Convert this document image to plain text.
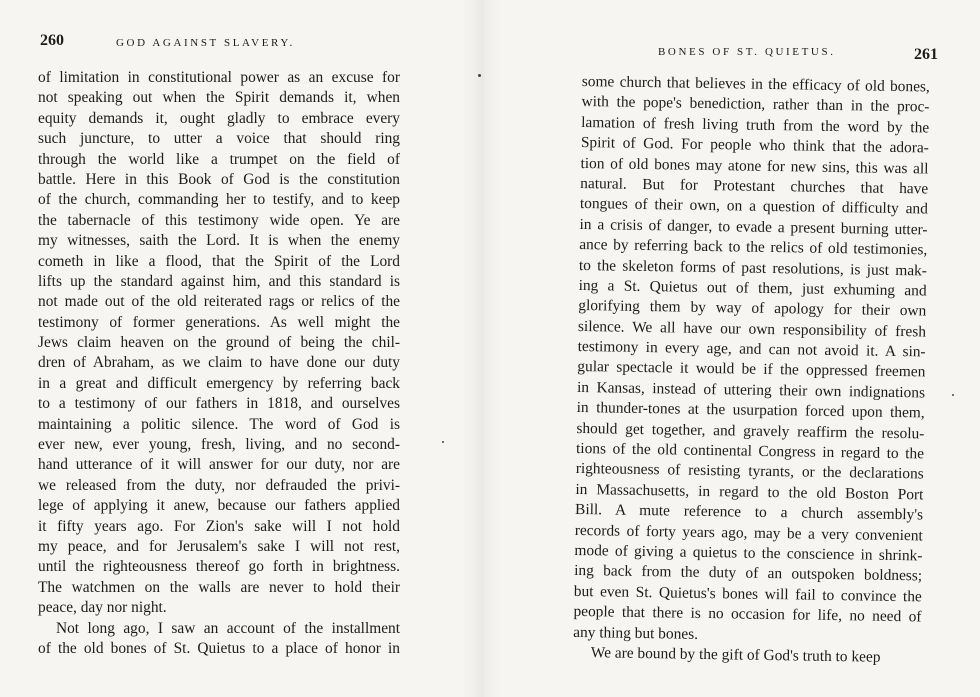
260	GOD AGAINST SLAVERY.
of limitation in constitutional power as an excuse for
not speaking out when the Spirit demands it, when
equity demands it, ought gladly to embrace every
such juncture, to utter a voice that should ring
through the world like a trumpet on the field of
battle. Here in this Book of God is the constitution
of the church, commanding her to testify, and to keep
the tabernacle of this testimony wide open. Ye are
my witnesses, saith the Lord. It is when the enemy
cometh in like a flood, that the Spirit of the Lord
lifts up the standard against him, and this standard is
not made out of the old reiterated rags or relics of the
testimony of former generations. As well might the
Jews claim heaven on the ground of being the chil-
dren of Abraham, as we claim to have done our duty
in a great and difficult emergency by referring back
to a testimony of our fathers in 1818, and ourselves
maintaining a politic silence. The word of God is
ever new, ever young, fresh, living, and no second-
hand utterance of it will answer for our duty, nor are
we released from the duty, nor defrauded the privi-
lege of applying it anew, because our fathers applied
it fifty years ago. For Zion's sake will I not hold
my peace, and for Jerusalem's sake I will not rest,
until the righteousness thereof go forth in brightness.
The watchmen on the walls are never to hold their
peace, day nor night.
Not long ago, I saw an account of the installment
of the old bones of St. Quietus to a place of honor in
BONES OF ST. QUIETUS.	261
some church that believes in the efficacy of old bones,
with the pope's benediction, rather than in the proc-
lamation of fresh living truth from the word by the
Spirit of God. For people who think that the adora-
tion of old bones may atone for new sins, this was all
natural. But for Protestant churches that have
tongues of their own, on a question of difficulty and
in a crisis of danger, to evade a present burning utter-
ance by referring back to the relics of old testimonies,
to the skeleton forms of past resolutions, is just mak-
ing a St. Quietus out of them, just exhuming and
glorifying them by way of apology for their own
silence. We all have our own responsibility of fresh
testimony in every age, and can not avoid it. A sin-
gular spectacle it would be if the oppressed freemen
in Kansas, instead of uttering their own indignations
in thunder-tones at the usurpation forced upon them,
should get together, and gravely reaffirm the resolu-
tions of the old continental Congress in regard to the
righteousness of resisting tyrants, or the declarations
in Massachusetts, in regard to the old Boston Port
Bill. A mute reference to a church assembly's
records of forty years ago, may be a very convenient
mode of giving a quietus to the conscience in shrink-
ing back from the duty of an outspoken boldness;
but even St. Quietus's bones will fail to convince the
people that there is no occasion for life, no need of
any thing but bones.
We are bound by the gift of God's truth to keep
